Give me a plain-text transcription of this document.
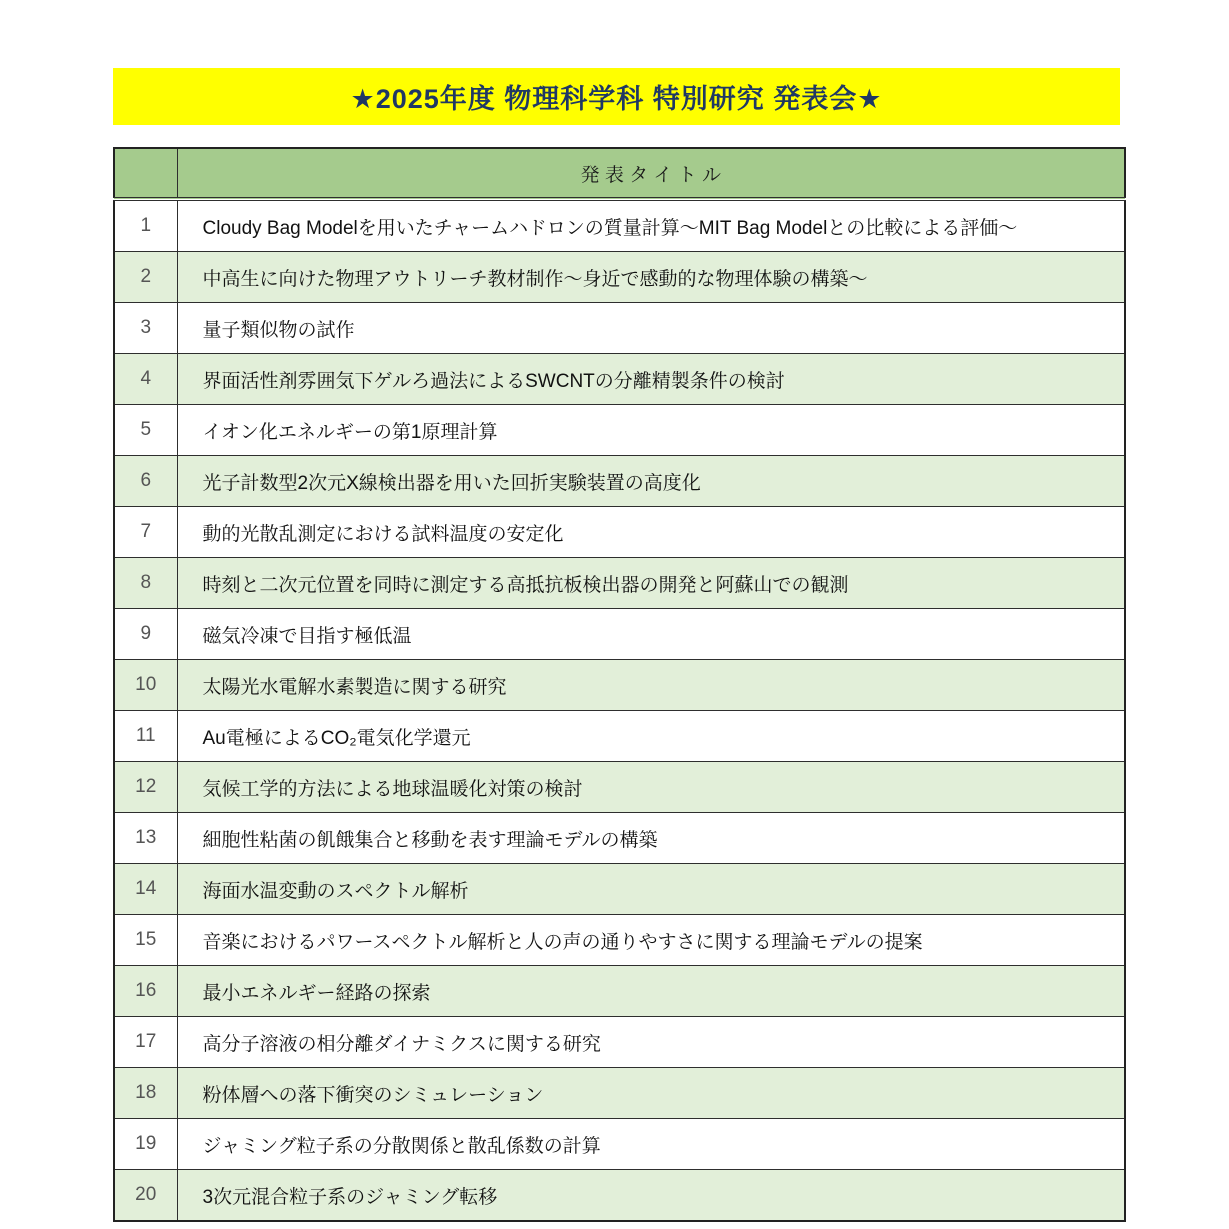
★2025年度 物理科学科 特別研究 発表会★
	発 表 タ イ ト ル
1	Cloudy Bag Modelを用いたチャームハドロンの質量計算～MIT Bag Modelとの比較による評価～
2	中高生に向けた物理アウトリーチ教材制作～身近で感動的な物理体験の構築～
3	量子類似物の試作
4	界面活性剤雰囲気下ゲルろ過法によるSWCNTの分離精製条件の検討
5	イオン化エネルギーの第1原理計算
6	光子計数型2次元X線検出器を用いた回折実験装置の高度化
7	動的光散乱測定における試料温度の安定化
8	時刻と二次元位置を同時に測定する高抵抗板検出器の開発と阿蘇山での観測
9	磁気冷凍で目指す極低温
10	太陽光水電解水素製造に関する研究
11	Au電極によるCO₂電気化学還元
12	気候工学的方法による地球温暖化対策の検討
13	細胞性粘菌の飢餓集合と移動を表す理論モデルの構築
14	海面水温変動のスペクトル解析
15	音楽におけるパワースペクトル解析と人の声の通りやすさに関する理論モデルの提案
16	最小エネルギー経路の探索
17	高分子溶液の相分離ダイナミクスに関する研究
18	粉体層への落下衝突のシミュレーション
19	ジャミング粒子系の分散関係と散乱係数の計算
20	3次元混合粒子系のジャミング転移
